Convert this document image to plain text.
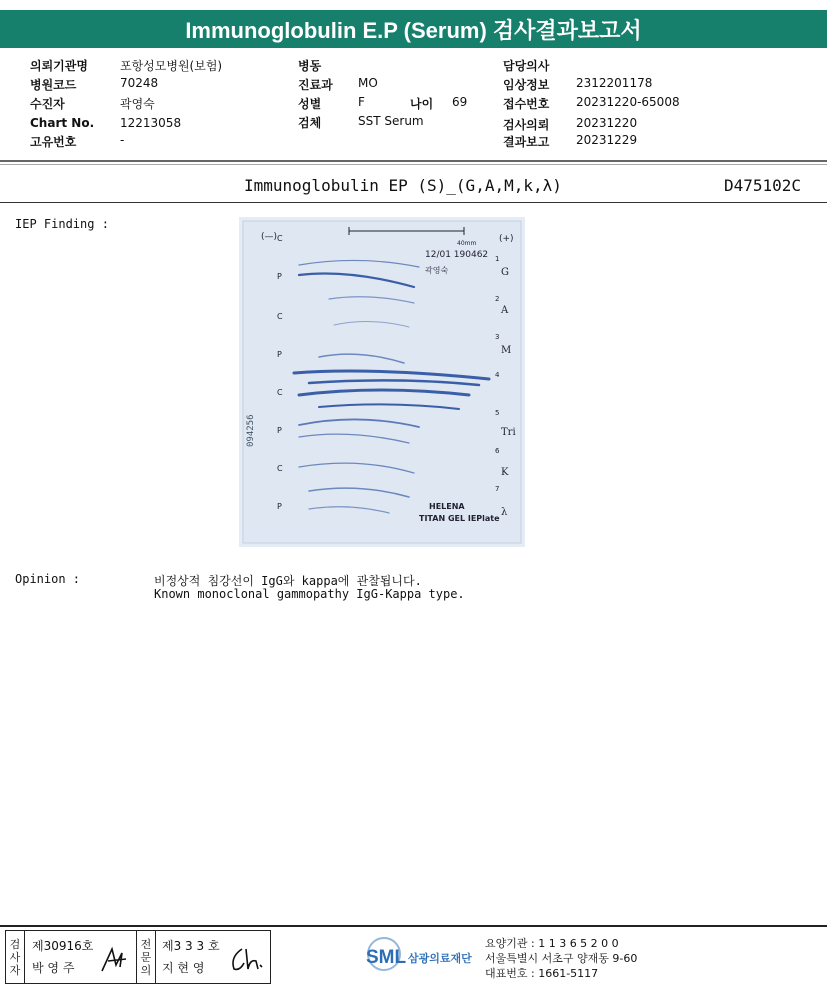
Immunoglobulin E.P (Serum) 검사결과보고서
의뢰기관명	포항성모병원(보험)
병원코드	70248
수진자	곽영숙
Chart No. 12213058
고유번호	-
병동
진료과 MO
성별	F	나이 69
검체	SST Serum
담당의사
임상정보 2312201178
접수번호 20231220-65008
검사의뢰 20231220
결과보고 20231229
Immunoglobulin EP (S)_(G,A,M,k,λ)	D475102C
IEP Finding :
(—)	(+)
40mm
12/01 190462
곽영숙
094256
C
P
C
P
C
P
C
P
1
2
3
4
5
6
7
G
A
M
Tri
K
λ
HELENA
TITAN GEL IEPlate
Opinion :	비정상적 침강선이 IgG와 kappa에 관찰됩니다.
Known monoclonal gammopathy IgG-Kappa type.
검사자
제30916호
박 영 주
전문의
제3 3 3 호
지 현 영	SML 삼광의료재단
요양기관 : 1 1 3 6 5 2 0 0
서울특별시 서초구 양재동 9-60
대표번호 : 1661-5117
